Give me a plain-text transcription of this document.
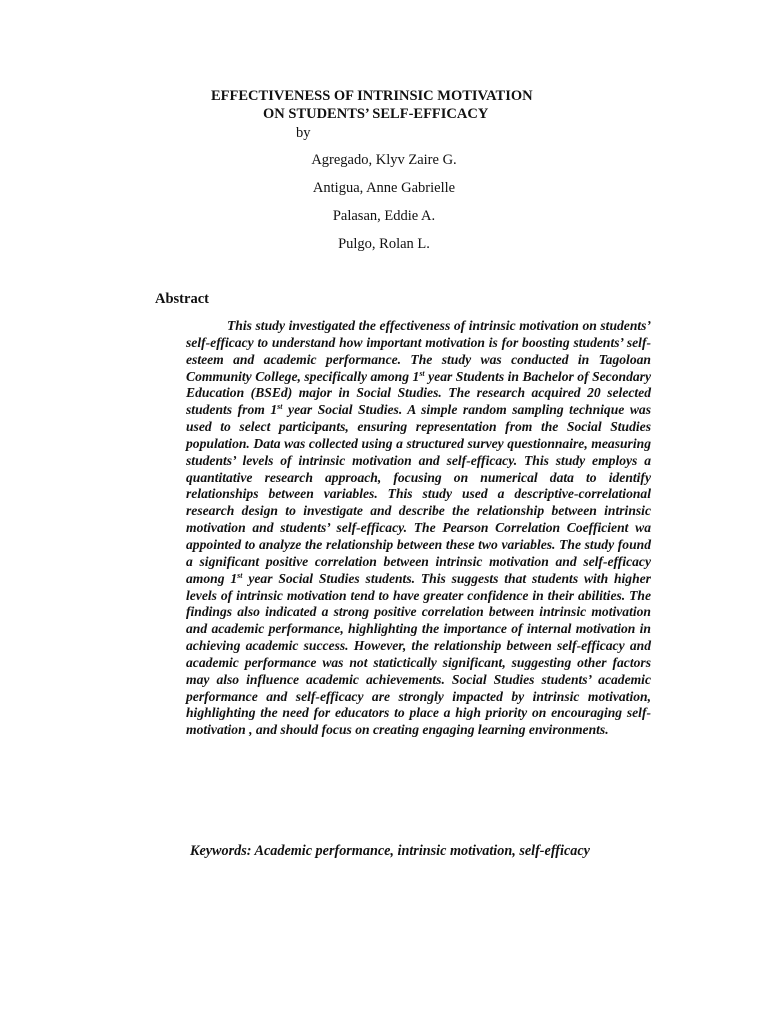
EFFECTIVENESS OF INTRINSIC MOTIVATION
ON STUDENTS’ SELF-EFFICACY
by
Agregado, Klyv Zaire G.
Antigua, Anne Gabrielle
Palasan, Eddie A.
Pulgo, Rolan L.
Abstract
This study investigated the effectiveness of intrinsic motivation on students’ self-efficacy to understand how important motivation is for boosting students’ self-esteem and academic performance. The study was conducted in Tagoloan Community College, specifically among 1st year Students in Bachelor of Secondary Education (BSEd) major in Social Studies. The research acquired 20 selected students from 1st year Social Studies. A simple random sampling technique was used to select participants, ensuring representation from the Social Studies population. Data was collected using a structured survey questionnaire, measuring students’ levels of intrinsic motivation and self-efficacy. This study employs a quantitative research approach, focusing on numerical data to identify relationships between variables. This study used a descriptive-correlational research design to investigate and describe the relationship between intrinsic motivation and students’ self-efficacy. The Pearson Correlation Coefficient wa appointed to analyze the relationship between these two variables. The study found a significant positive correlation between intrinsic motivation and self-efficacy among 1st year Social Studies students. This suggests that students with higher levels of intrinsic motivation tend to have greater confidence in their abilities. The findings also indicated a strong positive correlation between intrinsic motivation and academic performance, highlighting the importance of internal motivation in achieving academic success. However, the relationship between self-efficacy and academic performance was not statictically significant, suggesting other factors may also influence academic achievements. Social Studies students’ academic performance and self-efficacy are strongly impacted by intrinsic motivation, highlighting the need for educators to place a high priority on encouraging self-motivation , and should focus on creating engaging learning environments.
Keywords: Academic performance, intrinsic motivation, self-efficacy
